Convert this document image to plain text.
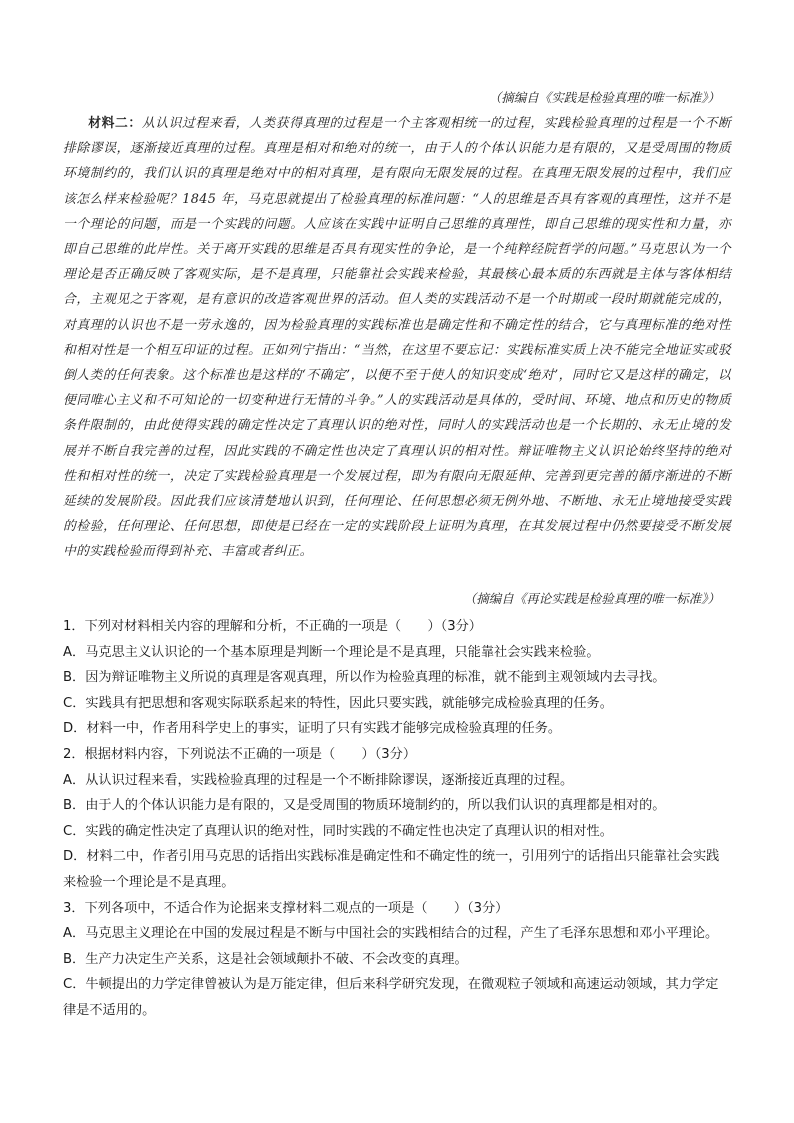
（摘编自《实践是检验真理的唯一标准》）
材料二：从认识过程来看，人类获得真理的过程是一个主客观相统一的过程，实践检验真理的过程是一个不断排除谬误，逐渐接近真理的过程。真理是相对和绝对的统一，由于人的个体认识能力是有限的，又是受周围的物质环境制约的，我们认识的真理是绝对中的相对真理，是有限向无限发展的过程。在真理无限发展的过程中，我们应该怎么样来检验呢？1845 年，马克思就提出了检验真理的标准问题：“人的思维是否具有客观的真理性，这并不是一个理论的问题，而是一个实践的问题。人应该在实践中证明自己思维的真理性，即自己思维的现实性和力量，亦即自己思维的此岸性。关于离开实践的思维是否具有现实性的争论，是一个纯粹经院哲学的问题。”马克思认为一个理论是否正确反映了客观实际，是不是真理，只能靠社会实践来检验，其最核心最本质的东西就是主体与客体相结合，主观见之于客观，是有意识的改造客观世界的活动。但人类的实践活动不是一个时期或一段时期就能完成的，对真理的认识也不是一劳永逸的，因为检验真理的实践标准也是确定性和不确定性的结合，它与真理标准的绝对性和相对性是一个相互印证的过程。正如列宁指出：“当然，在这里不要忘记：实践标准实质上决不能完全地证实或驳倒人类的任何表象。这个标准也是这样的‘不确定’，以便不至于使人的知识变成‘绝对’，同时它又是这样的确定，以便同唯心主义和不可知论的一切变种进行无情的斗争。”人的实践活动是具体的，受时间、环境、地点和历史的物质条件限制的，由此使得实践的确定性决定了真理认识的绝对性，同时人的实践活动也是一个长期的、永无止境的发展并不断自我完善的过程，因此实践的不确定性也决定了真理认识的相对性。辩证唯物主义认识论始终坚持的绝对性和相对性的统一，决定了实践检验真理是一个发展过程，即为有限向无限延伸、完善到更完善的循序渐进的不断延续的发展阶段。因此我们应该清楚地认识到，任何理论、任何思想必须无例外地、不断地、永无止境地接受实践的检验，任何理论、任何思想，即使是已经在一定的实践阶段上证明为真理，在其发展过程中仍然要接受不断发展中的实践检验而得到补充、丰富或者纠正。
（摘编自《再论实践是检验真理的唯一标准》）

1．下列对材料相关内容的理解和分析，不正确的一项是（　　）（3分）

A．马克思主义认识论的一个基本原理是判断一个理论是不是真理，只能靠社会实践来检验。

B．因为辩证唯物主义所说的真理是客观真理，所以作为检验真理的标准，就不能到主观领域内去寻找。

C．实践具有把思想和客观实际联系起来的特性，因此只要实践，就能够完成检验真理的任务。

D．材料一中，作者用科学史上的事实，证明了只有实践才能够完成检验真理的任务。

2．根据材料内容，下列说法不正确的一项是（　　）（3分）

A．从认识过程来看，实践检验真理的过程是一个不断排除谬误，逐渐接近真理的过程。

B．由于人的个体认识能力是有限的，又是受周围的物质环境制约的，所以我们认识的真理都是相对的。

C．实践的确定性决定了真理认识的绝对性，同时实践的不确定性也决定了真理认识的相对性。

D．材料二中，作者引用马克思的话指出实践标准是确定性和不确定性的统一，引用列宁的话指出只能靠社会实践来检验一个理论是不是真理。

3．下列各项中，不适合作为论据来支撑材料二观点的一项是（　　）（3分）

A．马克思主义理论在中国的发展过程是不断与中国社会的实践相结合的过程，产生了毛泽东思想和邓小平理论。

B．生产力决定生产关系，这是社会领域颠扑不破、不会改变的真理。

C．牛顿提出的力学定律曾被认为是万能定律，但后来科学研究发现，在微观粒子领域和高速运动领域，其力学定律是不适用的。
